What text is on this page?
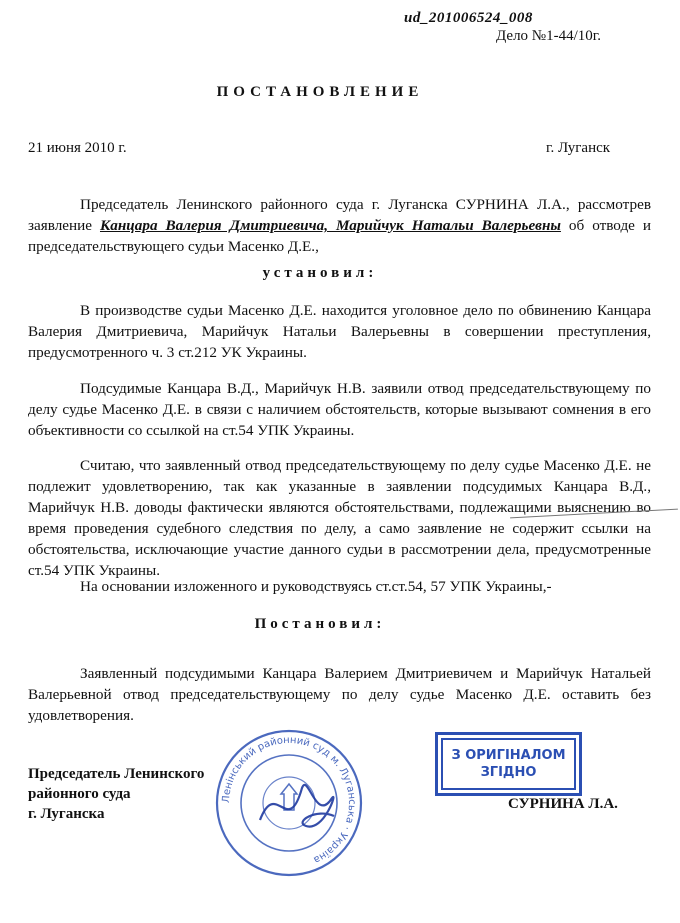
ud_201006524_008
Дело №1-44/10г.
ПОСТАНОВЛЕНИЕ
21 июня 2010 г.	г. Луганск
Председатель Ленинского районного суда г. Луганска СУРНИНА Л.А., рассмотрев заявление Канцара Валерия Дмитриевича, Марийчук Натальи Валерьевны об отводе и председательствующего судьи Масенко Д.Е.,
установил:
В производстве судьи Масенко Д.Е. находится уголовное дело по обвинению Канцара Валерия Дмитриевича, Марийчук Натальи Валерьевны в совершении преступления, предусмотренного ч. 3 ст.212 УК Украины.
Подсудимые Канцара В.Д., Марийчук Н.В. заявили отвод председательствующему по делу судье Масенко Д.Е. в связи с наличием обстоятельств, которые вызывают сомнения в его объективности со ссылкой на ст.54 УПК Украины.
Считаю, что заявленный отвод председательствующему по делу судье Масенко Д.Е. не подлежит удовлетворению, так как указанные в заявлении подсудимых Канцара В.Д., Марийчук Н.В. доводы фактически являются обстоятельствами, подлежащими выяснению во время проведения судебного следствия по делу, а само заявление не содержит ссылки на обстоятельства, исключающие участие данного судьи в рассмотрении дела, предусмотренные ст.54 УПК Украины.
На основании изложенного и руководствуясь ст.ст.54, 57 УПК Украины,-
Постановил:
Заявленный подсудимыми Канцара Валерием Дмитриевичем и Марийчук Натальей Валерьевной отвод председательствующему по делу судье Масенко Д.Е. оставить без удовлетворения.
Председатель Ленинского
районного суда
г. Луганска
СУРНИНА Л.А.
Ленінський районний суд м. Луганська · Україна
З ОРИГІНАЛОМ
ЗГІДНО
